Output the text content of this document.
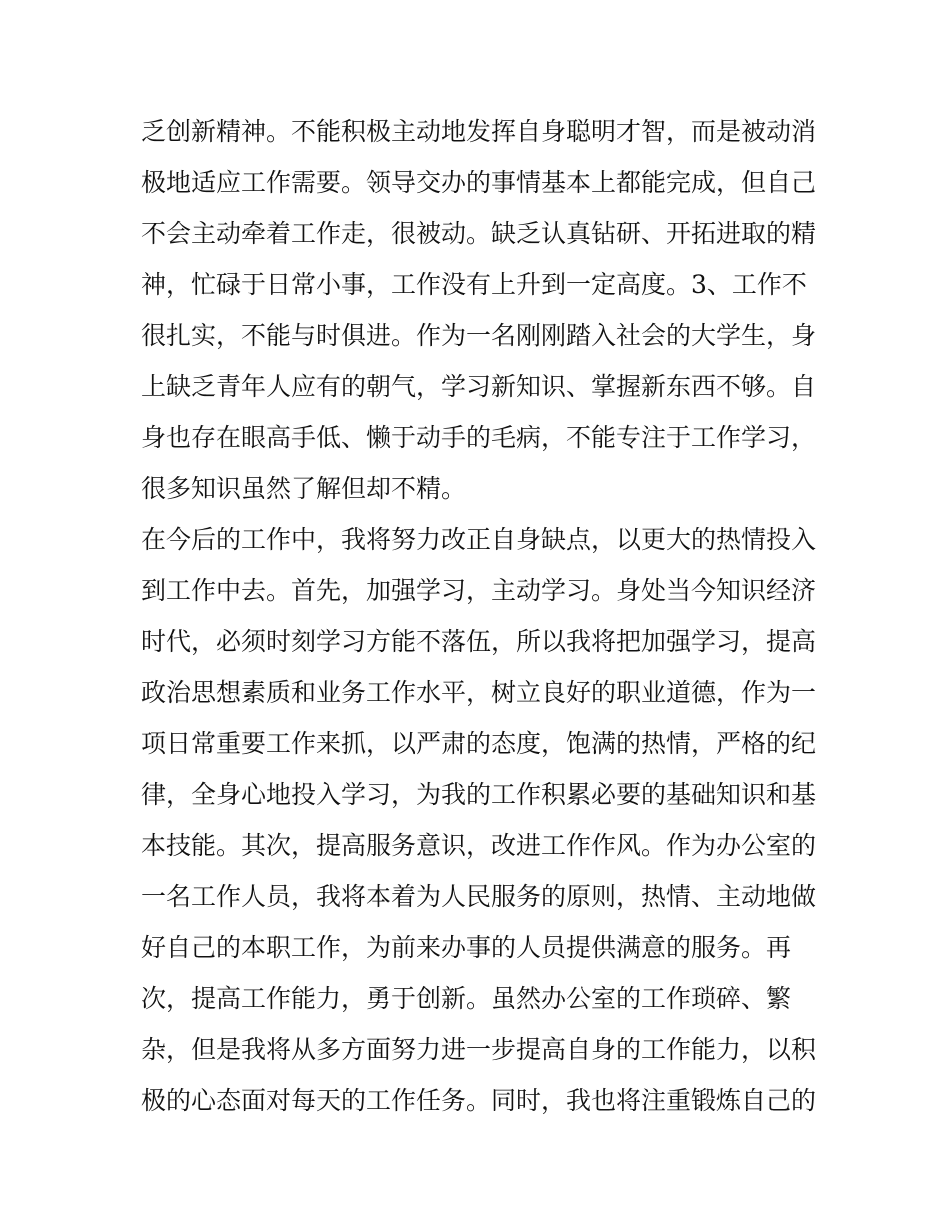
乏创新精神。不能积极主动地发挥自身聪明才智，而是被动消
极地适应工作需要。领导交办的事情基本上都能完成，但自己
不会主动牵着工作走，很被动。缺乏认真钻研、开拓进取的精
神，忙碌于日常小事，工作没有上升到一定高度。3、工作不
很扎实，不能与时俱进。作为一名刚刚踏入社会的大学生，身
上缺乏青年人应有的朝气，学习新知识、掌握新东西不够。自
身也存在眼高手低、懒于动手的毛病，不能专注于工作学习，
很多知识虽然了解但却不精。
在今后的工作中，我将努力改正自身缺点，以更大的热情投入
到工作中去。首先，加强学习，主动学习。身处当今知识经济
时代，必须时刻学习方能不落伍，所以我将把加强学习，提高
政治思想素质和业务工作水平，树立良好的职业道德，作为一
项日常重要工作来抓，以严肃的态度，饱满的热情，严格的纪
律，全身心地投入学习，为我的工作积累必要的基础知识和基
本技能。其次，提高服务意识，改进工作作风。作为办公室的
一名工作人员，我将本着为人民服务的原则，热情、主动地做
好自己的本职工作，为前来办事的人员提供满意的服务。再
次，提高工作能力，勇于创新。虽然办公室的工作琐碎、繁
杂，但是我将从多方面努力进一步提高自身的工作能力，以积
极的心态面对每天的工作任务。同时，我也将注重锻炼自己的
